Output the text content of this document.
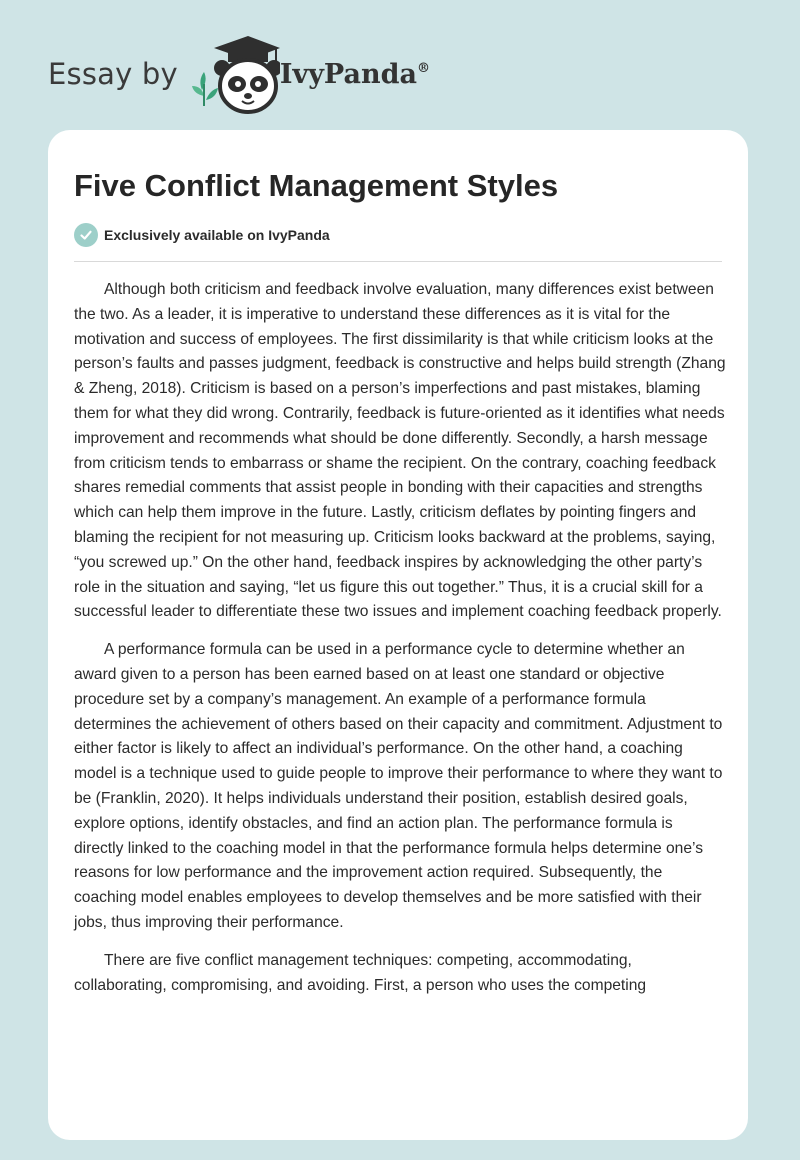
Essay by	IvyPanda®
Five Conflict Management Styles
Exclusively available on IvyPanda

Although both criticism and feedback involve evaluation, many differences exist between the two. As a leader, it is imperative to understand these differences as it is vital for the motivation and success of employees. The first dissimilarity is that while criticism looks at the person’s faults and passes judgment, feedback is constructive and helps build strength (Zhang & Zheng, 2018). Criticism is based on a person’s imperfections and past mistakes, blaming them for what they did wrong. Contrarily, feedback is future-oriented as it identifies what needs improvement and recommends what should be done differently. Secondly, a harsh message from criticism tends to embarrass or shame the recipient. On the contrary, coaching feedback shares remedial comments that assist people in bonding with their capacities and strengths which can help them improve in the future. Lastly, criticism deflates by pointing fingers and blaming the recipient for not measuring up. Criticism looks backward at the problems, saying, “you screwed up.” On the other hand, feedback inspires by acknowledging the other party’s role in the situation and saying, “let us figure this out together.” Thus, it is a crucial skill for a successful leader to differentiate these two issues and implement coaching feedback properly.

A performance formula can be used in a performance cycle to determine whether an award given to a person has been earned based on at least one standard or objective procedure set by a company’s management. An example of a performance formula determines the achievement of others based on their capacity and commitment. Adjustment to either factor is likely to affect an individual’s performance. On the other hand, a coaching model is a technique used to guide people to improve their performance to where they want to be (Franklin, 2020). It helps individuals understand their position, establish desired goals, explore options, identify obstacles, and find an action plan. The performance formula is directly linked to the coaching model in that the performance formula helps determine one’s reasons for low performance and the improvement action required. Subsequently, the coaching model enables employees to develop themselves and be more satisfied with their jobs, thus improving their performance.

There are five conflict management techniques: competing, accommodating, collaborating, compromising, and avoiding. First, a person who uses the competing
